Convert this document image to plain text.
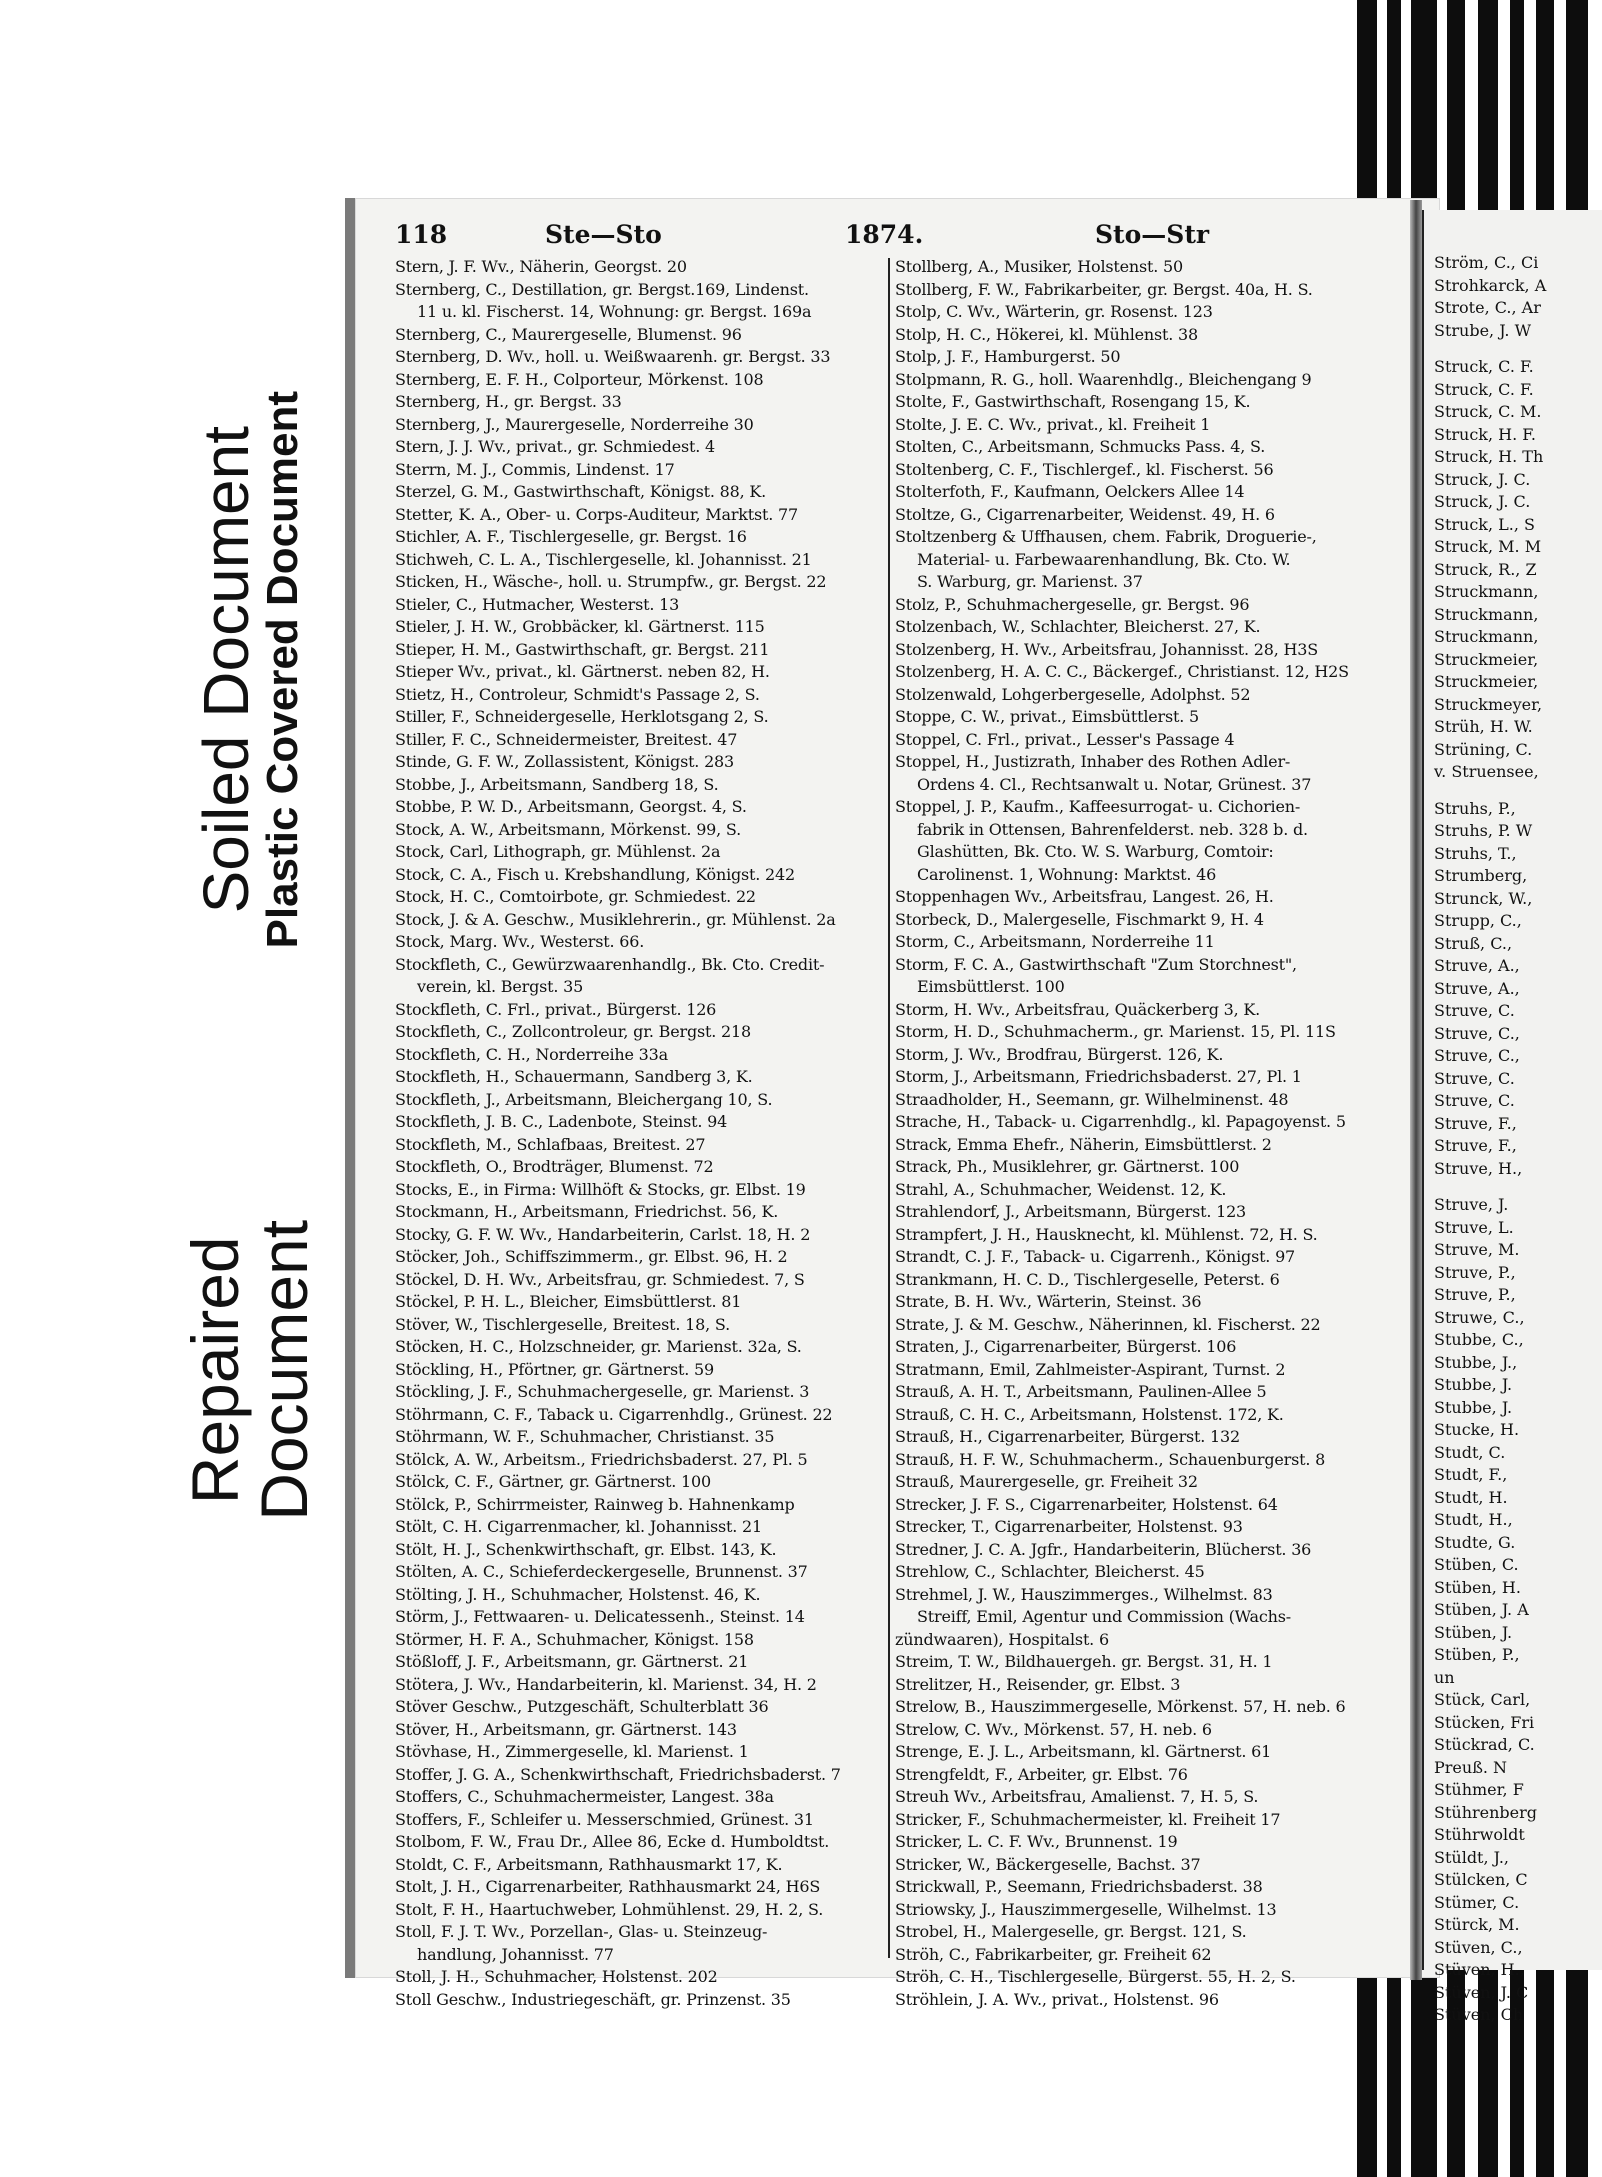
Soiled Document
Plastic Covered Document
Repaired
Document
118	Ste—Sto	1874.	Sto—Str
Stern, J. F. Wv., Näherin, Georgst. 20
Sternberg, C., Destillation, gr. Bergst.169, Lindenst.
11 u. kl. Fischerst. 14, Wohnung: gr. Bergst. 169a
Sternberg, C., Maurergeselle, Blumenst. 96
Sternberg, D. Wv., holl. u. Weißwaarenh. gr. Bergst. 33
Sternberg, E. F. H., Colporteur, Mörkenst. 108
Sternberg, H., gr. Bergst. 33
Sternberg, J., Maurergeselle, Norderreihe 30
Stern, J. J. Wv., privat., gr. Schmiedest. 4
Sterrn, M. J., Commis, Lindenst. 17
Sterzel, G. M., Gastwirthschaft, Königst. 88, K.
Stetter, K. A., Ober- u. Corps-Auditeur, Marktst. 77
Stichler, A. F., Tischlergeselle, gr. Bergst. 16
Stichweh, C. L. A., Tischlergeselle, kl. Johannisst. 21
Sticken, H., Wäsche-, holl. u. Strumpfw., gr. Bergst. 22
Stieler, C., Hutmacher, Westerst. 13
Stieler, J. H. W., Grobbäcker, kl. Gärtnerst. 115
Stieper, H. M., Gastwirthschaft, gr. Bergst. 211
Stieper Wv., privat., kl. Gärtnerst. neben 82, H.
Stietz, H., Controleur, Schmidt's Passage 2, S.
Stiller, F., Schneidergeselle, Herklotsgang 2, S.
Stiller, F. C., Schneidermeister, Breitest. 47
Stinde, G. F. W., Zollassistent, Königst. 283
Stobbe, J., Arbeitsmann, Sandberg 18, S.
Stobbe, P. W. D., Arbeitsmann, Georgst. 4, S.
Stock, A. W., Arbeitsmann, Mörkenst. 99, S.
Stock, Carl, Lithograph, gr. Mühlenst. 2a
Stock, C. A., Fisch u. Krebshandlung, Königst. 242
Stock, H. C., Comtoirbote, gr. Schmiedest. 22
Stock, J. & A. Geschw., Musiklehrerin., gr. Mühlenst. 2a
Stock, Marg. Wv., Westerst. 66.
Stockfleth, C., Gewürzwaarenhandlg., Bk. Cto. Credit-
verein, kl. Bergst. 35
Stockfleth, C. Frl., privat., Bürgerst. 126
Stockfleth, C., Zollcontroleur, gr. Bergst. 218
Stockfleth, C. H., Norderreihe 33a
Stockfleth, H., Schauermann, Sandberg 3, K.
Stockfleth, J., Arbeitsmann, Bleichergang 10, S.
Stockfleth, J. B. C., Ladenbote, Steinst. 94
Stockfleth, M., Schlafbaas, Breitest. 27
Stockfleth, O., Brodträger, Blumenst. 72
Stocks, E., in Firma: Willhöft & Stocks, gr. Elbst. 19
Stockmann, H., Arbeitsmann, Friedrichst. 56, K.
Stocky, G. F. W. Wv., Handarbeiterin, Carlst. 18, H. 2
Stöcker, Joh., Schiffszimmerm., gr. Elbst. 96, H. 2
Stöckel, D. H. Wv., Arbeitsfrau, gr. Schmiedest. 7, S
Stöckel, P. H. L., Bleicher, Eimsbüttlerst. 81
Stöver, W., Tischlergeselle, Breitest. 18, S.
Stöcken, H. C., Holzschneider, gr. Marienst. 32a, S.
Stöckling, H., Pförtner, gr. Gärtnerst. 59
Stöckling, J. F., Schuhmachergeselle, gr. Marienst. 3
Stöhrmann, C. F., Taback u. Cigarrenhdlg., Grünest. 22
Stöhrmann, W. F., Schuhmacher, Christianst. 35
Stölck, A. W., Arbeitsm., Friedrichsbaderst. 27, Pl. 5
Stölck, C. F., Gärtner, gr. Gärtnerst. 100
Stölck, P., Schirrmeister, Rainweg b. Hahnenkamp
Stölt, C. H. Cigarrenmacher, kl. Johannisst. 21
Stölt, H. J., Schenkwirthschaft, gr. Elbst. 143, K.
Stölten, A. C., Schieferdeckergeselle, Brunnenst. 37
Stölting, J. H., Schuhmacher, Holstenst. 46, K.
Störm, J., Fettwaaren- u. Delicatessenh., Steinst. 14
Störmer, H. F. A., Schuhmacher, Königst. 158
Stößloff, J. F., Arbeitsmann, gr. Gärtnerst. 21
Stötera, J. Wv., Handarbeiterin, kl. Marienst. 34, H. 2
Stöver Geschw., Putzgeschäft, Schulterblatt 36
Stöver, H., Arbeitsmann, gr. Gärtnerst. 143
Stövhase, H., Zimmergeselle, kl. Marienst. 1
Stoffer, J. G. A., Schenkwirthschaft, Friedrichsbaderst. 7
Stoffers, C., Schuhmachermeister, Langest. 38a
Stoffers, F., Schleifer u. Messerschmied, Grünest. 31
Stolbom, F. W., Frau Dr., Allee 86, Ecke d. Humboldtst.
Stoldt, C. F., Arbeitsmann, Rathhausmarkt 17, K.
Stolt, J. H., Cigarrenarbeiter, Rathhausmarkt 24, H6S
Stolt, F. H., Haartuchweber, Lohmühlenst. 29, H. 2, S.
Stoll, F. J. T. Wv., Porzellan-, Glas- u. Steinzeug-
handlung, Johannisst. 77
Stoll, J. H., Schuhmacher, Holstenst. 202
Stoll Geschw., Industriegeschäft, gr. Prinzenst. 35
Stollberg, A., Musiker, Holstenst. 50
Stollberg, F. W., Fabrikarbeiter, gr. Bergst. 40a, H. S.
Stolp, C. Wv., Wärterin, gr. Rosenst. 123
Stolp, H. C., Hökerei, kl. Mühlenst. 38
Stolp, J. F., Hamburgerst. 50
Stolpmann, R. G., holl. Waarenhdlg., Bleichengang 9
Stolte, F., Gastwirthschaft, Rosengang 15, K.
Stolte, J. E. C. Wv., privat., kl. Freiheit 1
Stolten, C., Arbeitsmann, Schmucks Pass. 4, S.
Stoltenberg, C. F., Tischlergef., kl. Fischerst. 56
Stolterfoth, F., Kaufmann, Oelckers Allee 14
Stoltze, G., Cigarrenarbeiter, Weidenst. 49, H. 6
Stoltzenberg & Uffhausen, chem. Fabrik, Droguerie-,
Material- u. Farbewaarenhandlung, Bk. Cto. W.
S. Warburg, gr. Marienst. 37
Stolz, P., Schuhmachergeselle, gr. Bergst. 96
Stolzenbach, W., Schlachter, Bleicherst. 27, K.
Stolzenberg, H. Wv., Arbeitsfrau, Johannisst. 28, H3S
Stolzenberg, H. A. C. C., Bäckergef., Christianst. 12, H2S
Stolzenwald, Lohgerbergeselle, Adolphst. 52
Stoppe, C. W., privat., Eimsbüttlerst. 5
Stoppel, C. Frl., privat., Lesser's Passage 4
Stoppel, H., Justizrath, Inhaber des Rothen Adler-
Ordens 4. Cl., Rechtsanwalt u. Notar, Grünest. 37
Stoppel, J. P., Kaufm., Kaffeesurrogat- u. Cichorien-
fabrik in Ottensen, Bahrenfelderst. neb. 328 b. d.
Glashütten, Bk. Cto. W. S. Warburg, Comtoir:
Carolinenst. 1, Wohnung: Marktst. 46
Stoppenhagen Wv., Arbeitsfrau, Langest. 26, H.
Storbeck, D., Malergeselle, Fischmarkt 9, H. 4
Storm, C., Arbeitsmann, Norderreihe 11
Storm, F. C. A., Gastwirthschaft "Zum Storchnest",
Eimsbüttlerst. 100
Storm, H. Wv., Arbeitsfrau, Quäckerberg 3, K.
Storm, H. D., Schuhmacherm., gr. Marienst. 15, Pl. 11S
Storm, J. Wv., Brodfrau, Bürgerst. 126, K.
Storm, J., Arbeitsmann, Friedrichsbaderst. 27, Pl. 1
Straadholder, H., Seemann, gr. Wilhelminenst. 48
Strache, H., Taback- u. Cigarrenhdlg., kl. Papagoyenst. 5
Strack, Emma Ehefr., Näherin, Eimsbüttlerst. 2
Strack, Ph., Musiklehrer, gr. Gärtnerst. 100
Strahl, A., Schuhmacher, Weidenst. 12, K.
Strahlendorf, J., Arbeitsmann, Bürgerst. 123
Strampfert, J. H., Hausknecht, kl. Mühlenst. 72, H. S.
Strandt, C. J. F., Taback- u. Cigarrenh., Königst. 97
Strankmann, H. C. D., Tischlergeselle, Peterst. 6
Strate, B. H. Wv., Wärterin, Steinst. 36
Strate, J. & M. Geschw., Näherinnen, kl. Fischerst. 22
Straten, J., Cigarrenarbeiter, Bürgerst. 106
Stratmann, Emil, Zahlmeister-Aspirant, Turnst. 2
Strauß, A. H. T., Arbeitsmann, Paulinen-Allee 5
Strauß, C. H. C., Arbeitsmann, Holstenst. 172, K.
Strauß, H., Cigarrenarbeiter, Bürgerst. 132
Strauß, H. F. W., Schuhmacherm., Schauenburgerst. 8
Strauß, Maurergeselle, gr. Freiheit 32
Strecker, J. F. S., Cigarrenarbeiter, Holstenst. 64
Strecker, T., Cigarrenarbeiter, Holstenst. 93
Stredner, J. C. A. Jgfr., Handarbeiterin, Blücherst. 36
Strehlow, C., Schlachter, Bleicherst. 45
Strehmel, J. W., Hauszimmerges., Wilhelmst. 83
Streiff, Emil, Agentur und Commission (Wachs-
zündwaaren), Hospitalst. 6
Streim, T. W., Bildhauergeh. gr. Bergst. 31, H. 1
Strelitzer, H., Reisender, gr. Elbst. 3
Strelow, B., Hauszimmergeselle, Mörkenst. 57, H. neb. 6
Strelow, C. Wv., Mörkenst. 57, H. neb. 6
Strenge, E. J. L., Arbeitsmann, kl. Gärtnerst. 61
Strengfeldt, F., Arbeiter, gr. Elbst. 76
Streuh Wv., Arbeitsfrau, Amalienst. 7, H. 5, S.
Stricker, F., Schuhmachermeister, kl. Freiheit 17
Stricker, L. C. F. Wv., Brunnenst. 19
Stricker, W., Bäckergeselle, Bachst. 37
Strickwall, P., Seemann, Friedrichsbaderst. 38
Striowsky, J., Hauszimmergeselle, Wilhelmst. 13
Strobel, H., Malergeselle, gr. Bergst. 121, S.
Ströh, C., Fabrikarbeiter, gr. Freiheit 62
Ströh, C. H., Tischlergeselle, Bürgerst. 55, H. 2, S.
Ströhlein, J. A. Wv., privat., Holstenst. 96
Ström, C., Ci
Strohkarck, A
Strote, C., Ar
Strube, J. W
Struck, C. F.
Struck, C. F.
Struck, C. M.
Struck, H. F.
Struck, H. Th
Struck, J. C.
Struck, J. C.
Struck, L., S
Struck, M. M
Struck, R., Z
Struckmann,
Struckmann,
Struckmann,
Struckmeier,
Struckmeier,
Struckmeyer,
Strüh, H. W.
Strüning, C.
v. Struensee,
Struhs, P.,
Struhs, P. W
Struhs, T.,
Strumberg,
Strunck, W.,
Strupp, C.,
Struß, C.,
Struve, A.,
Struve, A.,
Struve, C.
Struve, C.,
Struve, C.,
Struve, C.
Struve, C.
Struve, F.,
Struve, F.,
Struve, H.,
Struve, J.
Struve, L.
Struve, M.
Struve, P.,
Struve, P.,
Struwe, C.,
Stubbe, C.,
Stubbe, J.,
Stubbe, J.
Stubbe, J.
Stucke, H.
Studt, C.
Studt, F.,
Studt, H.
Studt, H.,
Studte, G.
Stüben, C.
Stüben, H.
Stüben, J. A
Stüben, J.
Stüben, P.,
un
Stück, Carl,
Stücken, Fri
Stückrad, C.
Preuß. N
Stühmer, F
Stührenberg
Stührwoldt
Stüldt, J.,
Stülcken, C
Stümer, C.
Stürck, M.
Stüven, C.,
Stüven, H.,
Stüven, J. C
Stüven, Ch
